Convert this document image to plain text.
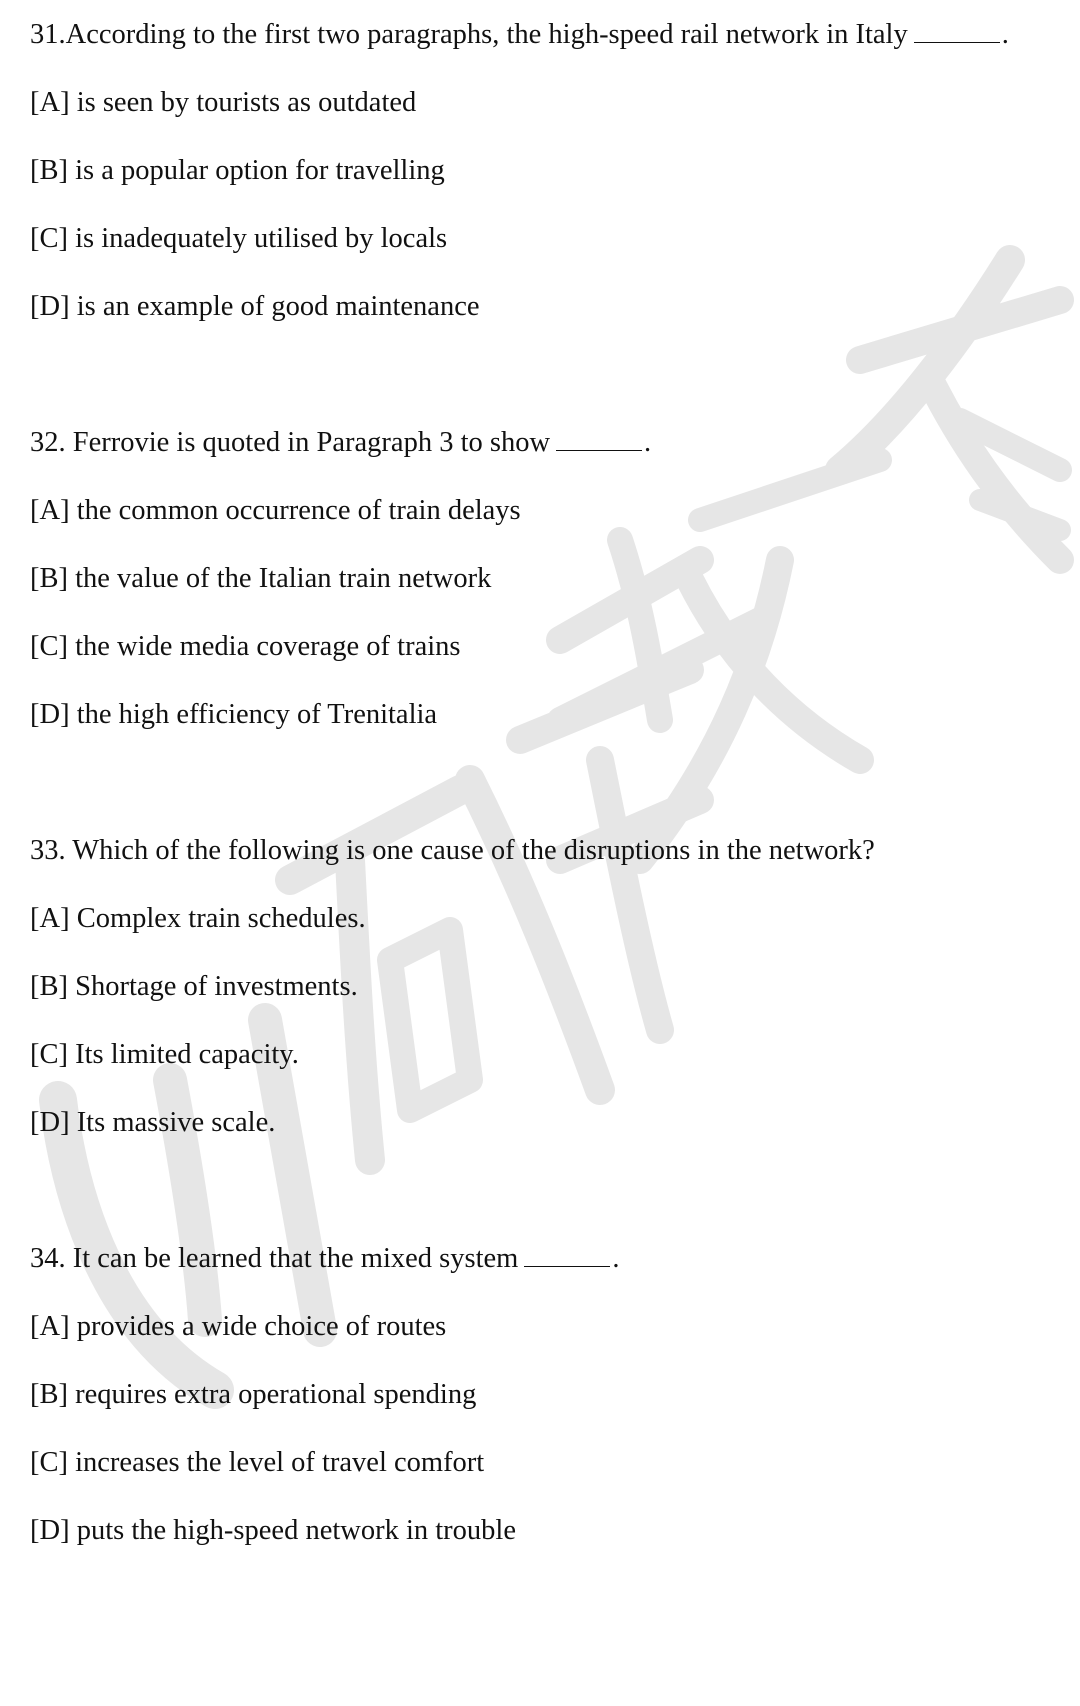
31.According to the first two paragraphs, the high-speed rail network in Italy	.
[A] is seen by tourists as outdated
[B] is a popular option for travelling
[C] is inadequately utilised by locals
[D] is an example of good maintenance
32. Ferrovie is quoted in Paragraph 3 to show	.
[A] the common occurrence of train delays
[B] the value of the Italian train network
[C] the wide media coverage of trains
[D] the high efficiency of Trenitalia
33. Which of the following is one cause of the disruptions in the network?
[A] Complex train schedules.
[B] Shortage of investments.
[C] Its limited capacity.
[D] Its massive scale.
34. It can be learned that the mixed system	.
[A] provides a wide choice of routes
[B] requires extra operational spending
[C] increases the level of travel comfort
[D] puts the high-speed network in trouble
